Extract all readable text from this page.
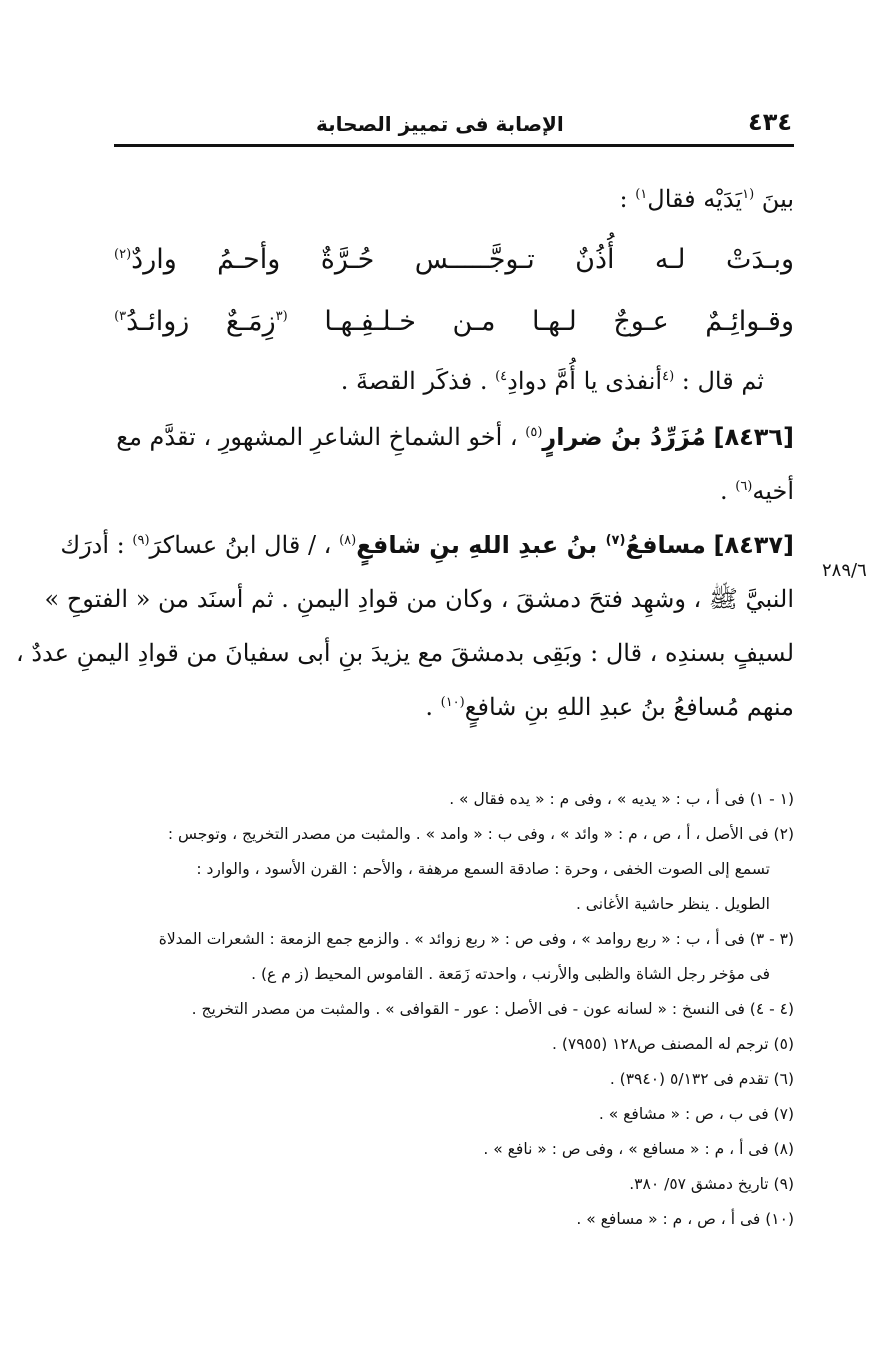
٤٣٤
الإصابة فى تمييز الصحابة
٢٨٩/٦
بينَ $^{(١}$يَدَيْه فقال$^{١)}$ :
وبـدَتْ
لـه
أُذُنٌ
تـوجَّـــــس
حُـرَّةٌ
وأحـمُ
واردٌ$^{(٢)}$
وقـوائِـمٌ
عـوجٌ
لـهـا
مـن
خـلـفِـهـا
$^{(٣}$زِمَـعٌ
زوائـدُ$^{٣)}$
ثم قال : $^{(٤}$أنفذى يا أُمَّ دوادِ$^{٤)}$ . فذكَر القصةَ .
[٨٤٣٦] مُزَرِّدُ بنُ ضرارٍ$^{(٥)}$ ، أخو الشماخِ الشاعرِ المشهورِ ، تقدَّم مع
أخيه$^{(٦)}$ .
[٨٤٣٧] مسافعُ$^{(٧)}$ بنُ عبدِ اللهِ بنِ شافعٍ$^{(٨)}$ ، / قال ابنُ عساكرَ$^{(٩)}$ : أدرَك
النبيَّ ﷺ ، وشهِد فتحَ دمشقَ ، وكان من قوادِ اليمنِ . ثم أسنَد من « الفتوحِ »
لسيفٍ بسندِه ، قال : وبَقِى بدمشقَ مع يزيدَ بنِ أبى سفيانَ من قوادِ اليمنِ عددٌ ،
منهم مُسافعُ بنُ عبدِ اللهِ بنِ شافعٍ$^{(١٠)}$ .
(١ - ١) فى أ ، ب : « يديه » ، وفى م : « يده فقال » .
(٢) فى الأصل ، أ ، ص ، م : « وائد » ، وفى ب : « وامد » . والمثبت من مصدر التخريج ، وتوجس :
تسمع إلى الصوت الخفى ، وحرة : صادقة السمع مرهفة ، والأحم : القرن الأسود ، والوارد :
الطويل . ينظر حاشية الأغانى .
(٣ - ٣) فى أ ، ب : « ربع روامد » ، وفى ص : « ربع زوائد » . والزمع جمع الزمعة : الشعرات المدلاة
فى مؤخر رجل الشاة والظبى والأرنب ، واحدته زَمَعة . القاموس المحيط (ز م ع) .
(٤ - ٤) فى النسخ : « لسانه عون - فى الأصل : عور - القوافى » . والمثبت من مصدر التخريج .
(٥) ترجم له المصنف ص١٢٨ (٧٩٥٥) .
(٦) تقدم فى ٥/١٣٢ (٣٩٤٠) .
(٧) فى ب ، ص : « مشافع » .
(٨) فى أ ، م : « مسافع » ، وفى ص : « نافع » .
(٩) تاريخ دمشق ٥٧/ ٣٨٠.
(١٠) فى أ ، ص ، م : « مسافع » .
